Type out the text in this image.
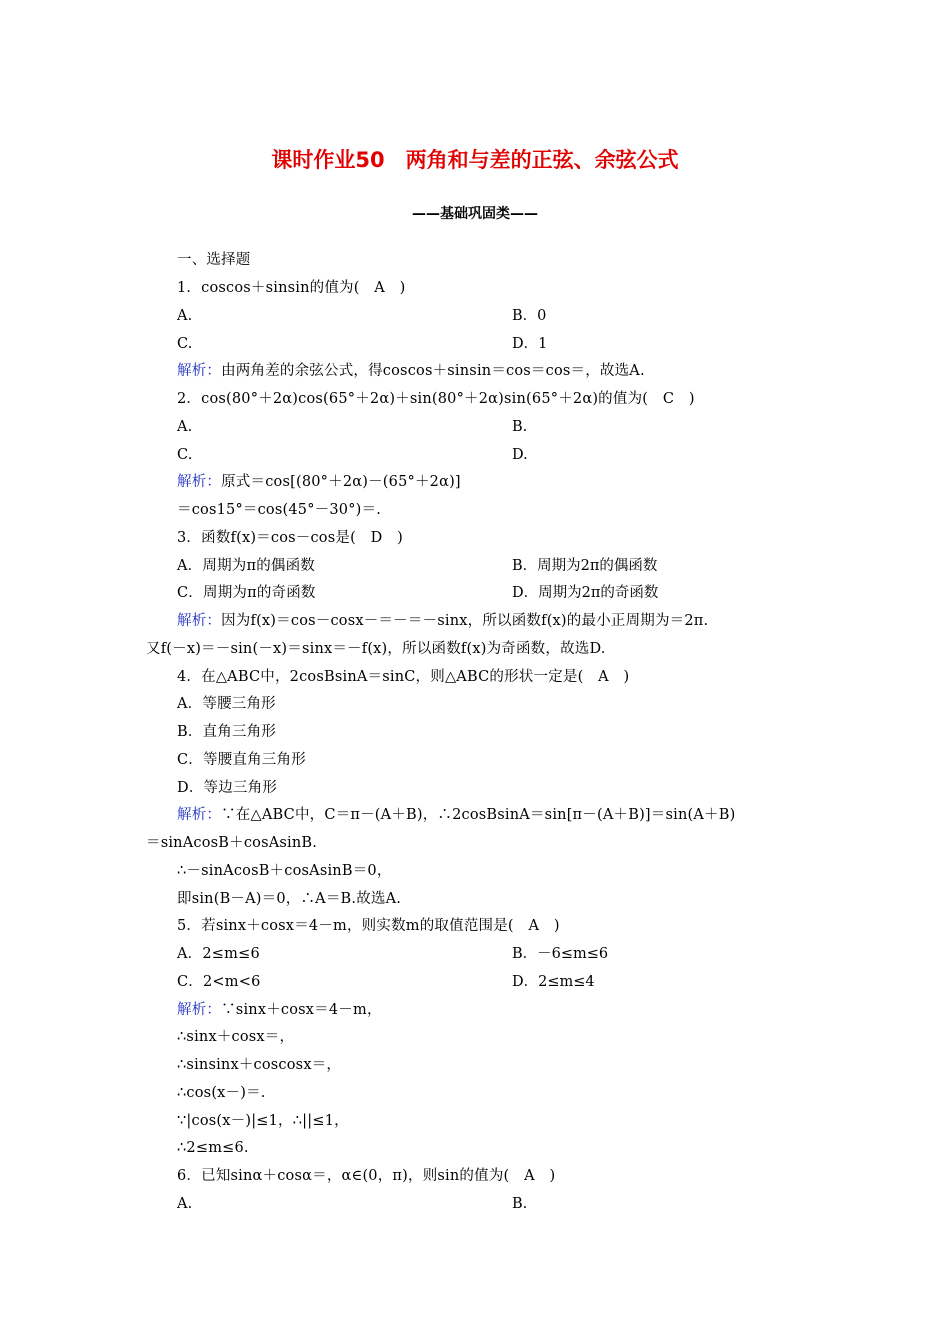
课时作业50　两角和与差的正弦、余弦公式
——基础巩固类——
一、选择题
1．coscos＋sinsin的值为(　A　)
A.	B．0
C.	D．1
解析：由两角差的余弦公式，得coscos＋sinsin＝cos＝cos＝，故选A.
2．cos(80°＋2α)cos(65°＋2α)＋sin(80°＋2α)sin(65°＋2α)的值为(　C　)
A.	B.
C.	D.
解析：原式＝cos[(80°＋2α)－(65°＋2α)]
＝cos15°＝cos(45°－30°)＝.
3．函数f(x)＝cos－cos是(　D　)
A．周期为π的偶函数	B．周期为2π的偶函数
C．周期为π的奇函数	D．周期为2π的奇函数
解析：因为f(x)＝cos－cosx－＝－＝－sinx，所以函数f(x)的最小正周期为＝2π.
又f(－x)＝－sin(－x)＝sinx＝－f(x)，所以函数f(x)为奇函数，故选D.
4．在△ABC中，2cosBsinA＝sinC，则△ABC的形状一定是(　A　)
A．等腰三角形
B．直角三角形
C．等腰直角三角形
D．等边三角形
解析：∵在△ABC中，C＝π－(A＋B)，∴2cosBsinA＝sin[π－(A＋B)]＝sin(A＋B)
＝sinAcosB＋cosAsinB.
∴－sinAcosB＋cosAsinB＝0，
即sin(B－A)＝0，∴A＝B.故选A.
5．若sinx＋cosx＝4－m，则实数m的取值范围是(　A　)
A．2≤m≤6	B．－6≤m≤6
C．2<m<6	D．2≤m≤4
解析：∵sinx＋cosx＝4－m，
∴sinx＋cosx＝，
∴sinsinx＋coscosx＝，
∴cos(x－)＝.
∵|cos(x－)|≤1，∴||≤1，
∴2≤m≤6.
6．已知sinα＋cosα＝，α∈(0，π)，则sin的值为(　A　)
A.	B.
